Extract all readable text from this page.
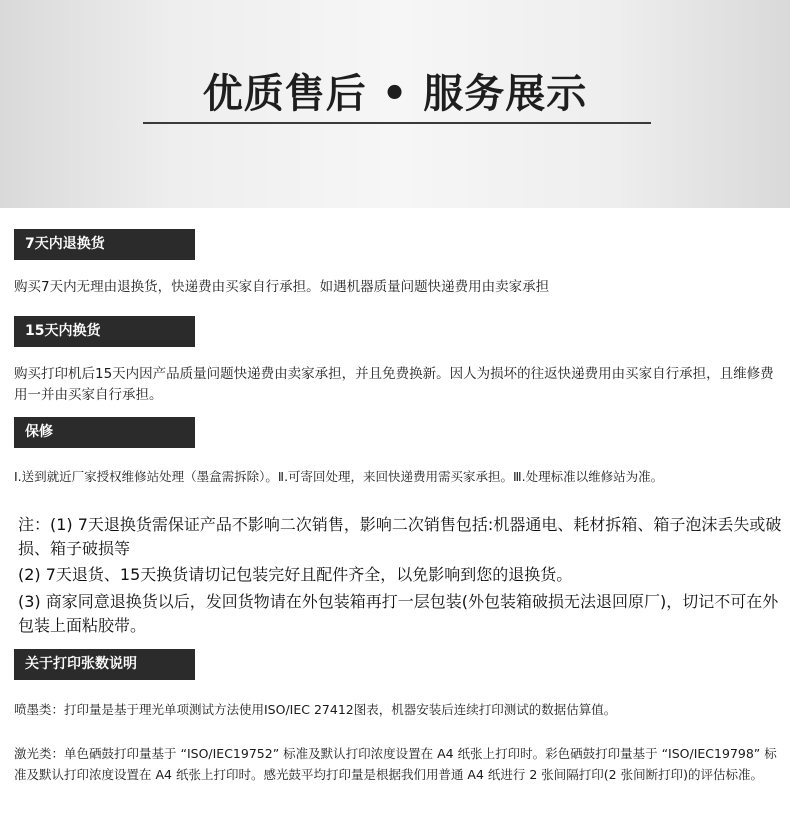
优质售后 • 服务展示
7天内退换货
购买7天内无理由退换货，快递费由买家自行承担。如遇机器质量问题快递费用由卖家承担
15天内换货
购买打印机后15天内因产品质量问题快递费由卖家承担，并且免费换新。因人为损坏的往返快递费用由买家自行承担，且维修费用一并由买家自行承担。
保修
Ⅰ.送到就近厂家授权维修站处理（墨盒需拆除）。Ⅱ.可寄回处理，来回快递费用需买家承担。Ⅲ.处理标准以维修站为准。
注：(1) 7天退换货需保证产品不影响二次销售，影响二次销售包括:机器通电、耗材拆箱、箱子泡沫丢失或破损、箱子破损等
(2) 7天退货、15天换货请切记包装完好且配件齐全，以免影响到您的退换货。
(3) 商家同意退换货以后，发回货物请在外包装箱再打一层包装(外包装箱破损无法退回原厂)，切记不可在外包装上面粘胶带。
关于打印张数说明
喷墨类：打印量是基于理光单项测试方法使用ISO/IEC 27412图表，机器安装后连续打印测试的数据估算值。
激光类：单色硒鼓打印量基于 “ISO/IEC19752” 标准及默认打印浓度设置在 A4 纸张上打印时。彩色硒鼓打印量基于 “ISO/IEC19798” 标准及默认打印浓度设置在 A4 纸张上打印时。感光鼓平均打印量是根据我们用普通 A4 纸进行 2 张间隔打印(2 张间断打印)的评估标准。
